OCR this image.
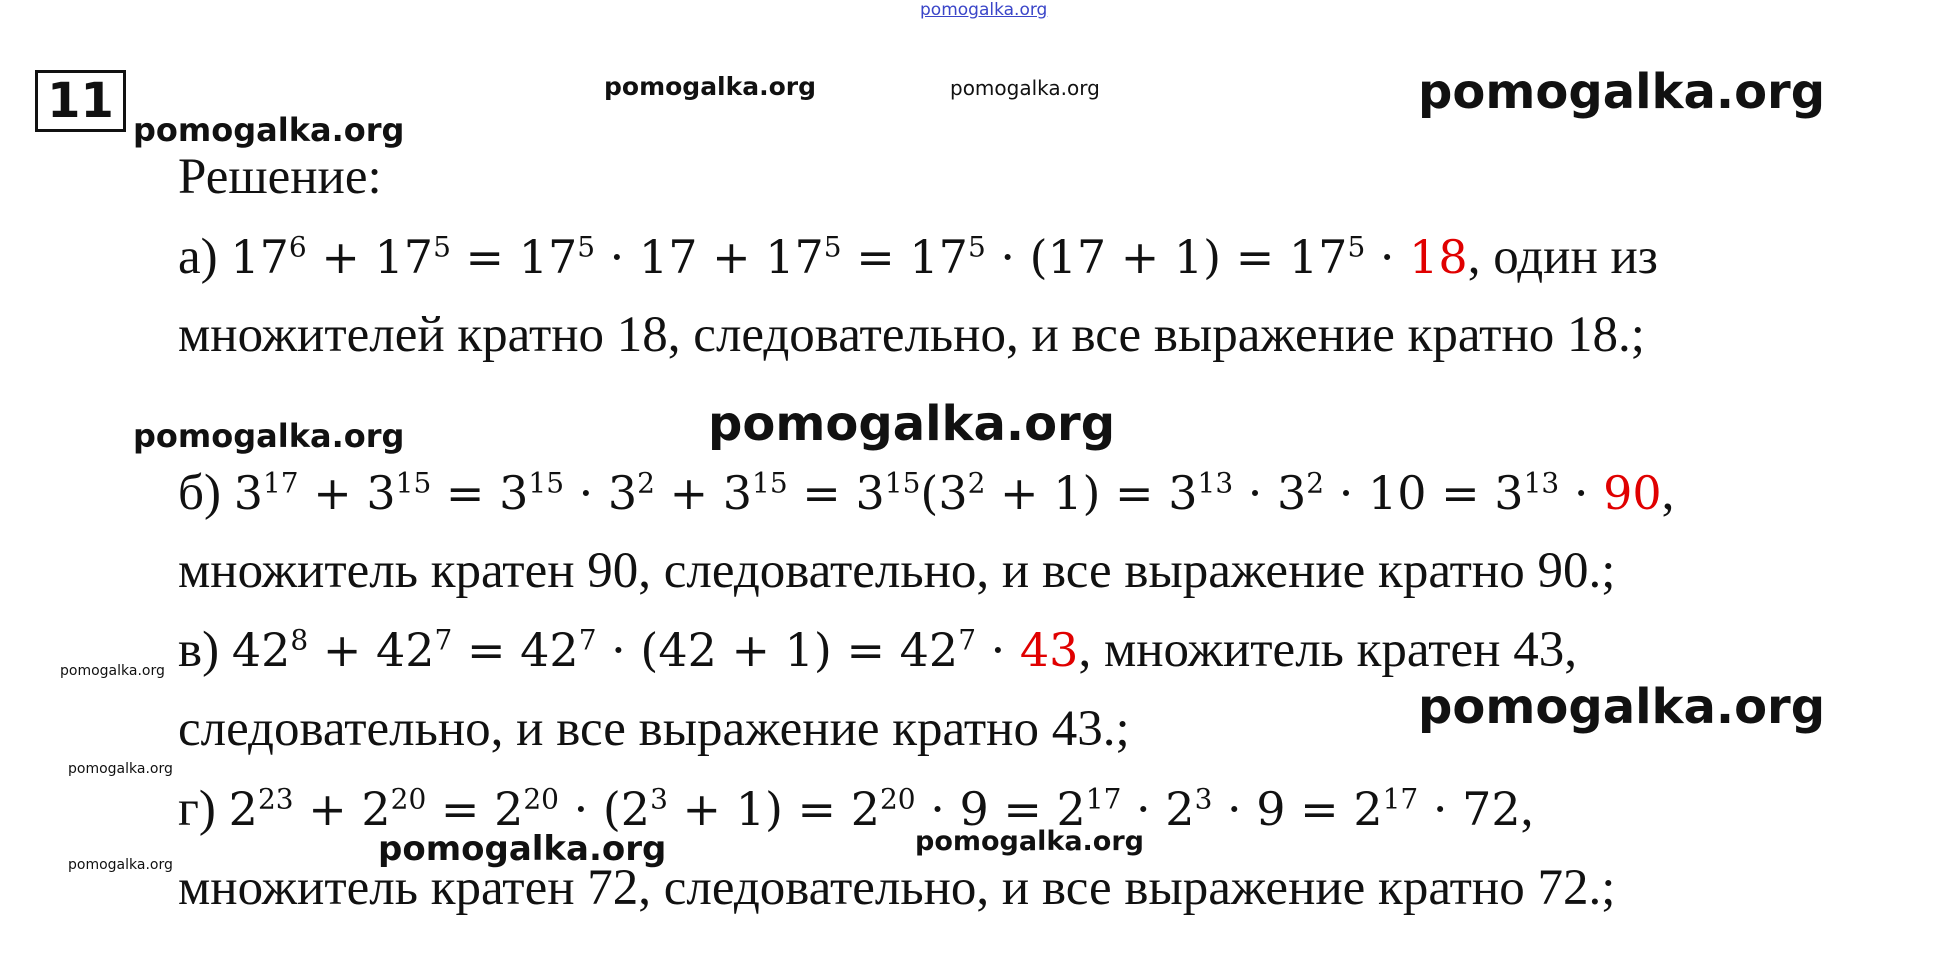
pomogalka.org
pomogalka.org	pomogalka.org	pomogalka.org
pomogalka.org
pomogalka.org	pomogalka.org
pomogalka.org
pomogalka.org
pomogalka.org
pomogalka.org	pomogalka.org	pomogalka.org
11
Решение:
а) $17^6 + 17^5 = 17^5 \cdot 17 + 17^5 = 17^5 \cdot (17 + 1) = 17^5 \cdot 18$, один из
множителей кратно 18, следовательно, и все выражение кратно 18.;
б) $3^{17} + 3^{15} = 3^{15} \cdot 3^2 + 3^{15} = 3^{15}(3^2 + 1) = 3^{13} \cdot 3^2 \cdot 10 = 3^{13} \cdot 90$,
множитель кратен 90, следовательно, и все выражение кратно 90.;
в) $42^8 + 42^7 = 42^7 \cdot (42 + 1) = 42^7 \cdot 43$, множитель кратен 43,
следовательно, и все выражение кратно 43.;
г) $2^{23} + 2^{20} = 2^{20} \cdot (2^3 + 1) = 2^{20} \cdot 9 = 2^{17} \cdot 2^3 \cdot 9 = 2^{17} \cdot 72$,
множитель кратен 72, следовательно, и все выражение кратно 72.;
